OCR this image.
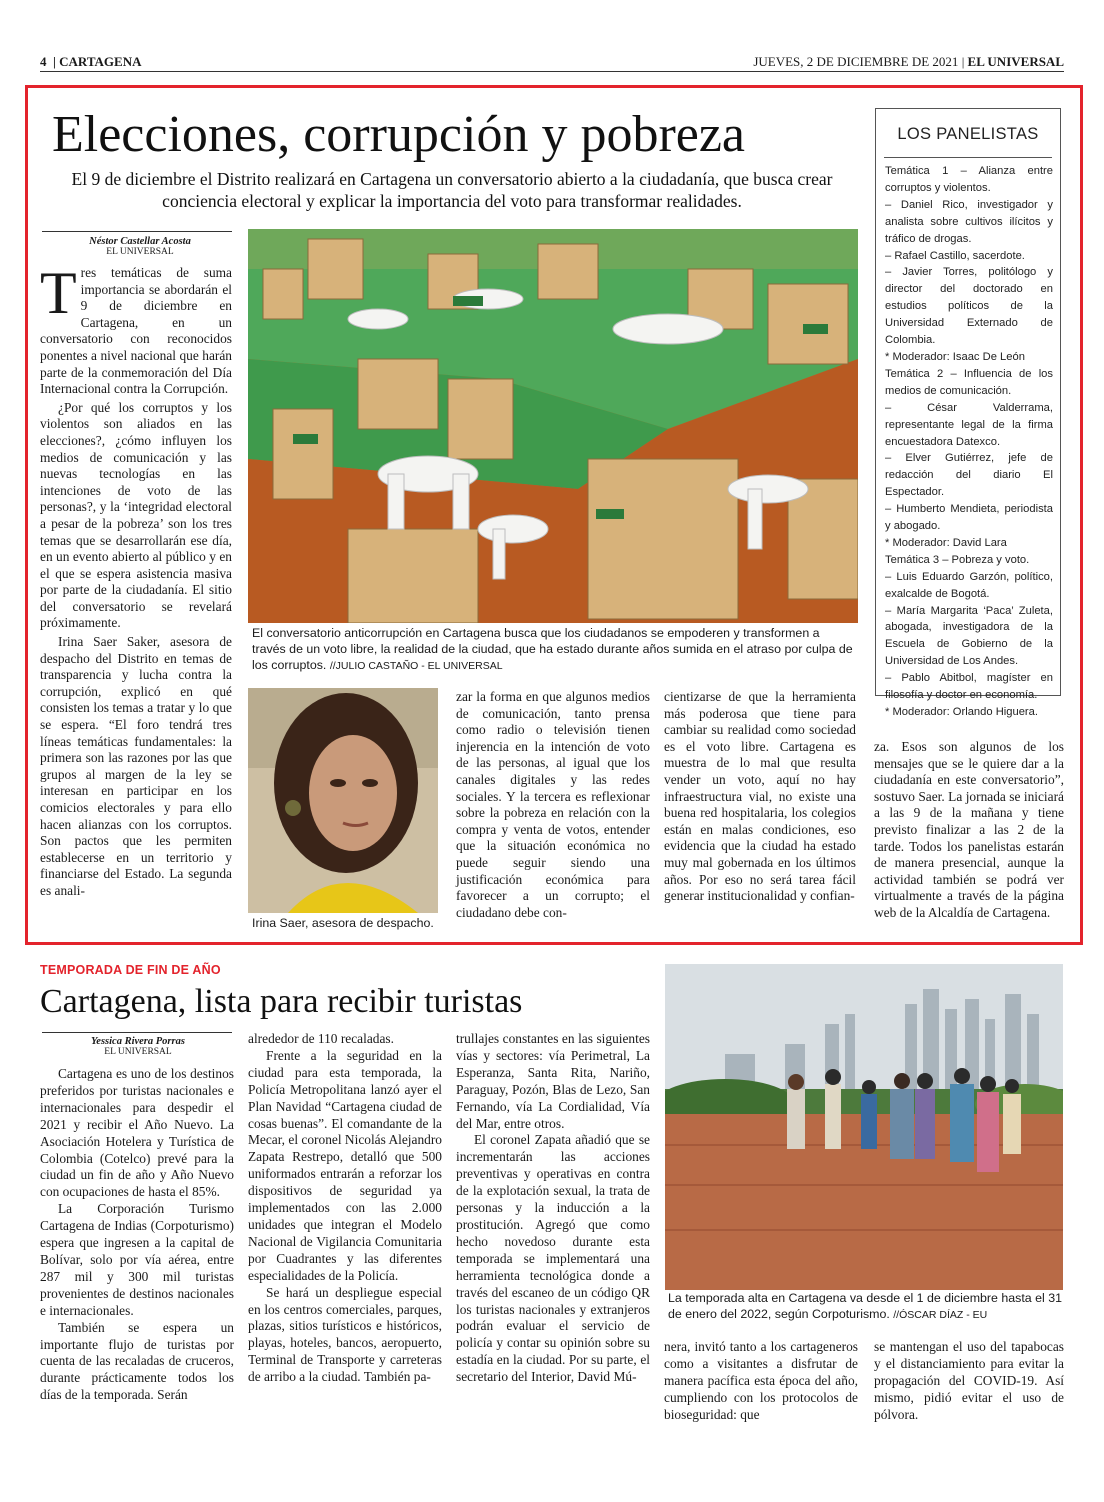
4  | CARTAGENA	JUEVES, 2 DE DICIEMBRE DE 2021 | EL UNIVERSAL
Elecciones, corrupción y pobreza
El 9 de diciembre el Distrito realizará en Cartagena un conversatorio abierto a la ciudadanía, que busca crear conciencia electoral y explicar la importancia del voto para transformar realidades.
Néstor Castellar Acosta
EL UNIVERSAL

Tres temáticas de suma importancia se abordarán el 9 de diciembre en Cartagena, en un conversatorio con reconocidos ponentes a nivel nacional que harán parte de la conmemoración del Día Internacional contra la Corrupción.

¿Por qué los corruptos y los violentos son aliados en las elecciones?, ¿cómo influyen los medios de comunicación y las nuevas tecnologías en las intenciones de voto de las personas?, y la ‘integridad electoral a pesar de la pobreza’ son los tres temas que se desarrollarán ese día, en un evento abierto al público y en el que se espera asistencia masiva por parte de la ciudadanía. El sitio del conversatorio se revelará próximamente.

Irina Saer Saker, asesora de despacho del Distrito en temas de transparencia y lucha contra la corrupción, explicó en qué consisten los temas a tratar y lo que se espera. “El foro tendrá tres líneas temáticas fundamentales: la primera son las razones por las que grupos al margen de la ley se interesan en participar en los comicios electorales y para ello hacen alianzas con los corruptos. Son pactos que les permiten establecerse en un territorio y financiarse del Estado. La segunda es anali-

El conversatorio anticorrupción en Cartagena busca que los ciudadanos se empoderen y transformen a través de un voto libre, la realidad de la ciudad, que ha estado durante años sumida en el atraso por culpa de los corruptos. //JULIO CASTAÑO - EL UNIVERSAL
Irina Saer, asesora de despacho.
zar la forma en que algunos medios de comunicación, tanto prensa como radio o televisión tienen injerencia en la intención de voto de las personas, al igual que los canales digitales y las redes sociales. Y la tercera es reflexionar sobre la pobreza en relación con la compra y venta de votos, entender que la situación económica no puede seguir siendo una justificación económica para favorecer a un corrupto; el ciudadano debe con-
cientizarse de que la herramienta más poderosa que tiene para cambiar su realidad como sociedad es el voto libre. Cartagena es muestra de lo mal que resulta vender un voto, aquí no hay infraestructura vial, no existe una buena red hospitalaria, los colegios están en malas condiciones, eso evidencia que la ciudad ha estado muy mal gobernada en los últimos años. Por eso no será tarea fácil generar institucionalidad y confian-
za. Esos son algunos de los mensajes que se le quiere dar a la ciudadanía en este conversatorio”, sostuvo Saer. La jornada se iniciará a las 9 de la mañana y tiene previsto finalizar a las 2 de la tarde. Todos los panelistas estarán de manera presencial, aunque la actividad también se podrá ver virtualmente a través de la página web de la Alcaldía de Cartagena.
LOS PANELISTAS
Temática 1 – Alianza entre corruptos y violentos.
– Daniel Rico, investigador y analista sobre cultivos ilícitos y tráfico de drogas.
– Rafael Castillo, sacerdote.
– Javier Torres, politólogo y director del doctorado en estudios políticos de la Universidad Externado de Colombia.
* Moderador: Isaac De León
Temática 2 – Influencia de los medios de comunicación.
– César Valderrama, representante legal de la firma encuestadora Datexco.
– Elver Gutiérrez, jefe de redacción del diario El Espectador.
– Humberto Mendieta, periodista y abogado.
* Moderador: David Lara
Temática 3 – Pobreza y voto.
– Luis Eduardo Garzón, político, exalcalde de Bogotá.
– María Margarita ‘Paca’ Zuleta, abogada, investigadora de la Escuela de Gobierno de la Universidad de Los Andes.
– Pablo Abitbol, magíster en filosofía y doctor en economía.
* Moderador: Orlando Higuera.
TEMPORADA DE FIN DE AÑO
Cartagena, lista para recibir turistas
Yessica Rivera Porras
EL UNIVERSAL

Cartagena es uno de los destinos preferidos por turistas nacionales e internacionales para despedir el 2021 y recibir el Año Nuevo. La Asociación Hotelera y Turística de Colombia (Cotelco) prevé para la ciudad un fin de año y Año Nuevo con ocupaciones de hasta el 85%.

La Corporación Turismo Cartagena de Indias (Corpoturismo) espera que ingresen a la capital de Bolívar, solo por vía aérea, entre 287 mil y 300 mil turistas provenientes de destinos nacionales e internacionales.

También se espera un importante flujo de turistas por cuenta de las recaladas de cruceros, durante prácticamente todos los días de la temporada. Serán

alrededor de 110 recaladas.

Frente a la seguridad en la ciudad para esta temporada, la Policía Metropolitana lanzó ayer el Plan Navidad “Cartagena ciudad de cosas buenas”. El comandante de la Mecar, el coronel Nicolás Alejandro Zapata Restrepo, detalló que 500 uniformados entrarán a reforzar los dispositivos de seguridad ya implementados con las 2.000 unidades que integran el Modelo Nacional de Vigilancia Comunitaria por Cuadrantes y las diferentes especialidades de la Policía.

Se hará un despliegue especial en los centros comerciales, parques, plazas, sitios turísticos e históricos, playas, hoteles, bancos, aeropuerto, Terminal de Transporte y carreteras de arribo a la ciudad. También pa-

trullajes constantes en las siguientes vías y sectores: vía Perimetral, La Esperanza, Santa Rita, Nariño, Paraguay, Pozón, Blas de Lezo, San Fernando, vía La Cordialidad, Vía del Mar, entre otros.

El coronel Zapata añadió que se incrementarán las acciones preventivas y operativas en contra de la explotación sexual, la trata de personas y la inducción a la prostitución. Agregó que como hecho novedoso durante esta temporada se implementará una herramienta tecnológica donde a través del escaneo de un código QR los turistas nacionales y extranjeros podrán evaluar el servicio de policía y contar su opinión sobre su estadía en la ciudad. Por su parte, el secretario del Interior, David Mú-

La temporada alta en Cartagena va desde el 1 de diciembre hasta el 31 de enero del 2022, según Corpoturismo. //ÓSCAR DÍAZ - EU
nera, invitó tanto a los cartageneros como a visitantes a disfrutar de manera pacífica esta época del año, cumpliendo con los protocolos de bioseguridad: que
se mantengan el uso del tapabocas y el distanciamiento para evitar la propagación del COVID-19. Así mismo, pidió evitar el uso de pólvora.
